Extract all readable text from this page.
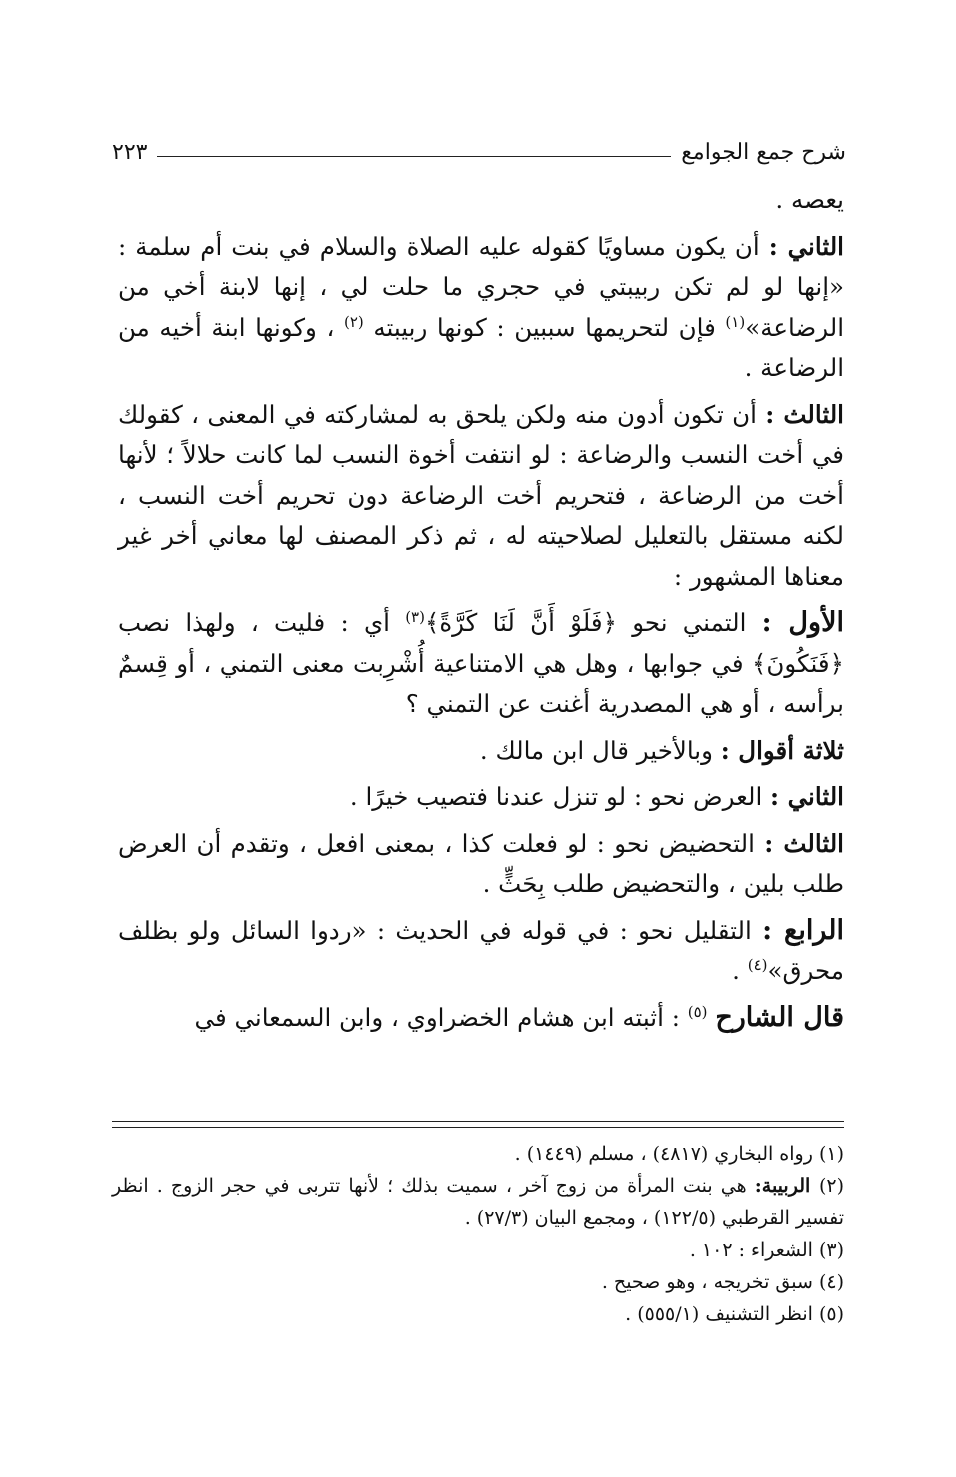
شرح جمع الجوامع
٢٢٣

يعصه .

الثاني : أن يكون مساويًا كقوله عليه الصلاة والسلام في بنت أم سلمة : «إنها لو لم تكن ربيبتي في حجري ما حلت لي ، إنها لابنة أخي من الرضاعة»$^{(١)}$ فإن لتحريمها سببين : كونها ربيبته $^{(٢)}$ ، وكونها ابنة أخيه من الرضاعة .

الثالث : أن تكون أدون منه ولكن يلحق به لمشاركته في المعنى ، كقولك في أخت النسب والرضاعة : لو انتفت أخوة النسب لما كانت حلالاً ؛ لأنها أخت من الرضاعة ، فتحريم أخت الرضاعة دون تحريم أخت النسب ، لكنه مستقل بالتعليل لصلاحيته له ، ثم ذكر المصنف لها معاني أخر غير معناها المشهور :

الأول : التمني نحو ﴿فَلَوْ أَنَّ لَنَا كَرَّةً﴾$^{(٣)}$ أي : فليت ، ولهذا نصب ﴿فَنَكُونَ﴾ في جوابها ، وهل هي الامتناعية أُشْرِبت معنى التمني ، أو قِسمٌ برأسه ، أو هي المصدرية أغنت عن التمني ؟

ثلاثة أقوال : وبالأخير قال ابن مالك .

الثاني : العرض نحو : لو تنزل عندنا فتصيب خيرًا .

الثالث : التحضيض نحو : لو فعلت كذا ، بمعنى افعل ، وتقدم أن العرض طلب بلين ، والتحضيض طلب بِحَثٍّ .

الرابع : التقليل نحو : في قوله في الحديث : «ردوا السائل ولو بظلف محرق»$^{(٤)}$ .

قال الشارح $^{(٥)}$ : أثبته ابن هشام الخضراوي ، وابن السمعاني في

(١) رواه البخاري (٤٨١٧) ، مسلم (١٤٤٩) .

(٢) الربيبة: هي بنت المرأة من زوج آخر ، سميت بذلك ؛ لأنها تتربى في حجر الزوج . انظر تفسير القرطبي (١٢٢/٥) ، ومجمع البيان (٢٧/٣) .

(٣) الشعراء : ١٠٢ .

(٤) سبق تخريجه ، وهو صحيح .

(٥) انظر التشنيف (٥٥٥/١) .
